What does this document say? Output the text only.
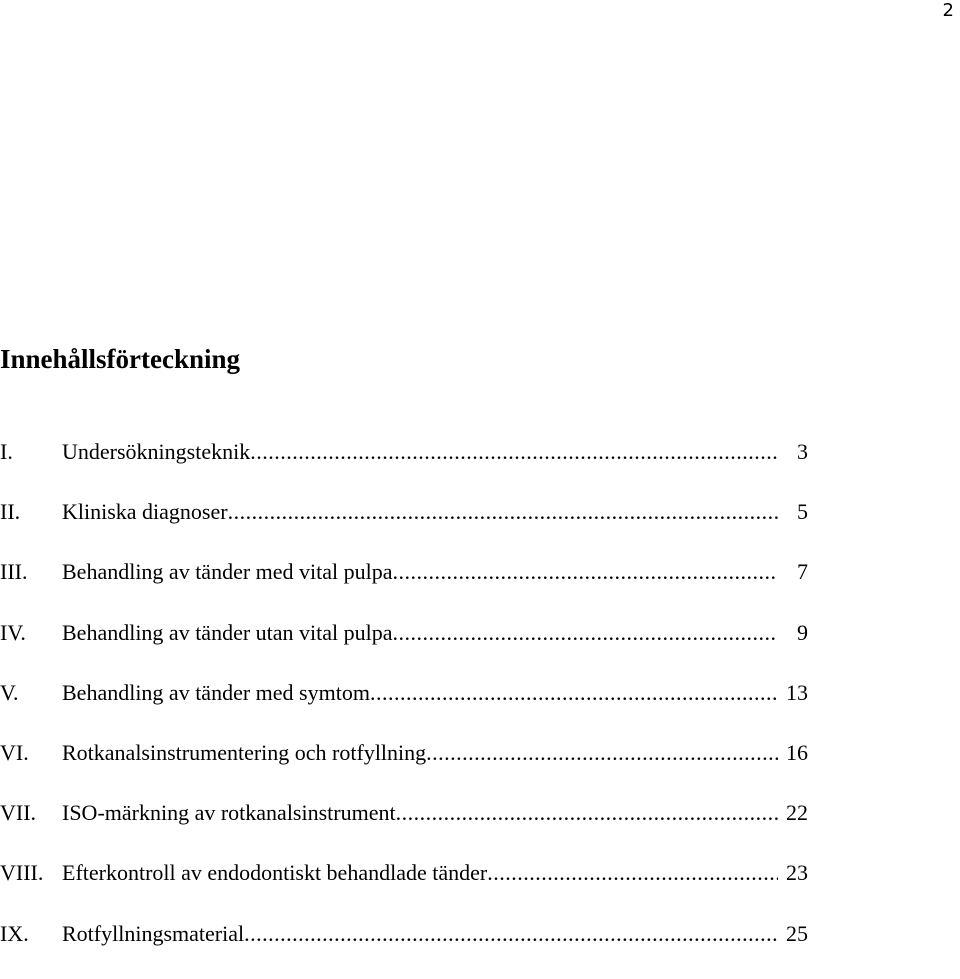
2
Innehållsförteckning
I.	Undersökningsteknik .....	3
II.	Kliniska diagnoser .....	5
III.	Behandling av tänder med vital pulpa .....	7
IV.	Behandling av tänder utan vital pulpa .....	9
V.	Behandling av tänder med symtom .....	13
VI.	Rotkanalsinstrumentering och rotfyllning .....	16
VII.	ISO-märkning av rotkanalsinstrument .....	22
VIII. Efterkontroll av endodontiskt behandlade tänder .....	23
IX.	Rotfyllningsmaterial .....	25
